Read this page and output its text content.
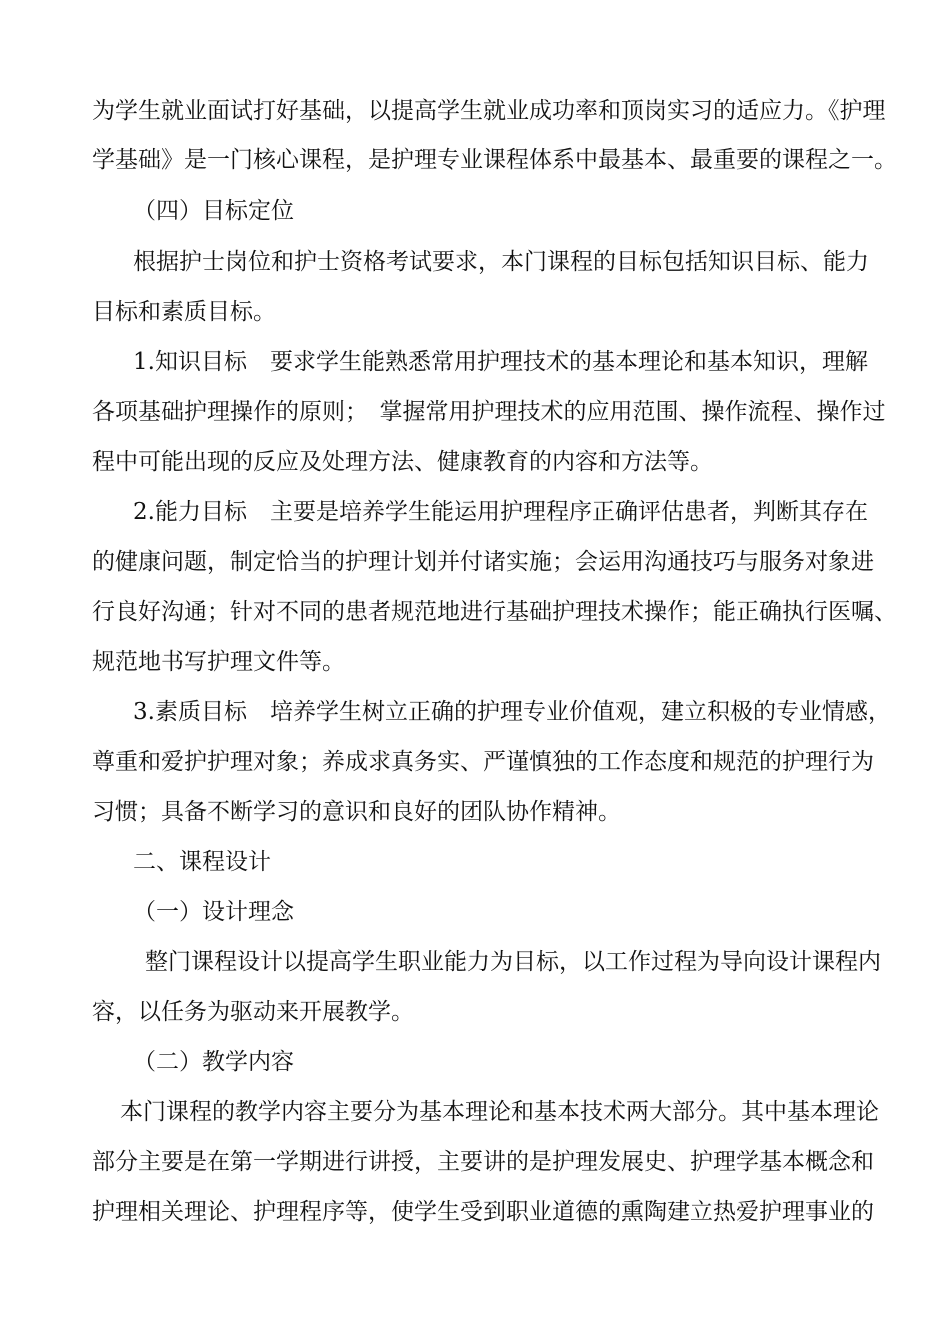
为学生就业面试打好基础，以提高学生就业成功率和顶岗实习的适应力。《护理
学基础》是一门核心课程，是护理专业课程体系中最基本、最重要的课程之一。
（四）目标定位
根据护士岗位和护士资格考试要求，本门课程的目标包括知识目标、能力
目标和素质目标。
1.知识目标　要求学生能熟悉常用护理技术的基本理论和基本知识，理解
各项基础护理操作的原则；　掌握常用护理技术的应用范围、操作流程、操作过
程中可能出现的反应及处理方法、健康教育的内容和方法等。
2.能力目标　主要是培养学生能运用护理程序正确评估患者，判断其存在
的健康问题，制定恰当的护理计划并付诸实施；会运用沟通技巧与服务对象进
行良好沟通；针对不同的患者规范地进行基础护理技术操作；能正确执行医嘱、
规范地书写护理文件等。
3.素质目标　培养学生树立正确的护理专业价值观，建立积极的专业情感，
尊重和爱护护理对象；养成求真务实、严谨慎独的工作态度和规范的护理行为
习惯；具备不断学习的意识和良好的团队协作精神。
二、课程设计
（一）设计理念
整门课程设计以提高学生职业能力为目标，以工作过程为导向设计课程内
容，以任务为驱动来开展教学。
（二）教学内容
本门课程的教学内容主要分为基本理论和基本技术两大部分。其中基本理论
部分主要是在第一学期进行讲授，主要讲的是护理发展史、护理学基本概念和
护理相关理论、护理程序等，使学生受到职业道德的熏陶建立热爱护理事业的
